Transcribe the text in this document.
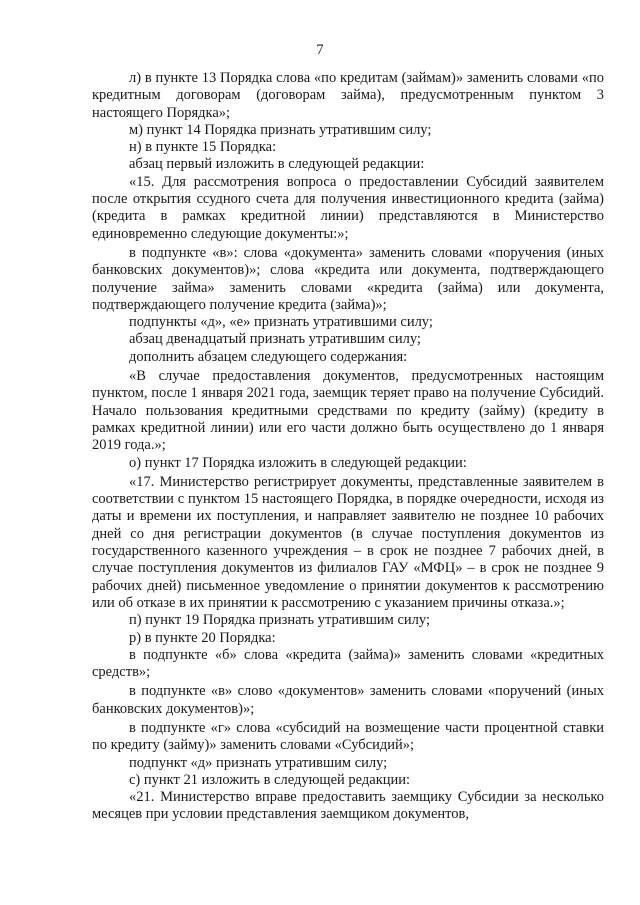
7

л) в пункте 13 Порядка слова «по кредитам (займам)» заменить словами «по кредитным договорам (договорам займа), предусмотренным пунктом 3 настоящего Порядка»;

м) пункт 14 Порядка признать утратившим силу;

н) в пункте 15 Порядка:

абзац первый изложить в следующей редакции:

«15. Для рассмотрения вопроса о предоставлении Субсидий заявителем после открытия ссудного счета для получения инвестиционного кредита (займа) (кредита в рамках кредитной линии) представляются в Министерство единовременно следующие документы:»;

в подпункте «в»: слова «документа» заменить словами «поручения (иных банковских документов)»; слова «кредита или документа, подтверждающего получение займа» заменить словами «кредита (займа) или документа, подтверждающего получение кредита (займа)»;

подпункты «д», «е» признать утратившими силу;

абзац двенадцатый признать утратившим силу;

дополнить абзацем следующего содержания:

«В случае предоставления документов, предусмотренных настоящим пунктом, после 1 января 2021 года, заемщик теряет право на получение Субсидий. Начало пользования кредитными средствами по кредиту (займу) (кредиту в рамках кредитной линии) или его части должно быть осуществлено до 1 января 2019 года.»;

о) пункт 17 Порядка изложить в следующей редакции:

«17. Министерство регистрирует документы, представленные заявителем в соответствии с пунктом 15 настоящего Порядка, в порядке очередности, исходя из даты и времени их поступления, и направляет заявителю не позднее 10 рабочих дней со дня регистрации документов (в случае поступления документов из государственного казенного учреждения – в срок не позднее 7 рабочих дней, в случае поступления документов из филиалов ГАУ «МФЦ» – в срок не позднее 9 рабочих дней) письменное уведомление о принятии документов к рассмотрению или об отказе в их принятии к рассмотрению с указанием причины отказа.»;

п) пункт 19 Порядка признать утратившим силу;

р) в пункте 20 Порядка:

в подпункте «б» слова «кредита (займа)» заменить словами «кредитных средств»;

в подпункте «в» слово «документов» заменить словами «поручений (иных банковских документов)»;

в подпункте «г» слова «субсидий на возмещение части процентной ставки по кредиту (займу)» заменить словами «Субсидий»;

подпункт «д» признать утратившим силу;

с) пункт 21 изложить в следующей редакции:

«21. Министерство вправе предоставить заемщику Субсидии за несколько месяцев при условии представления заемщиком документов,
